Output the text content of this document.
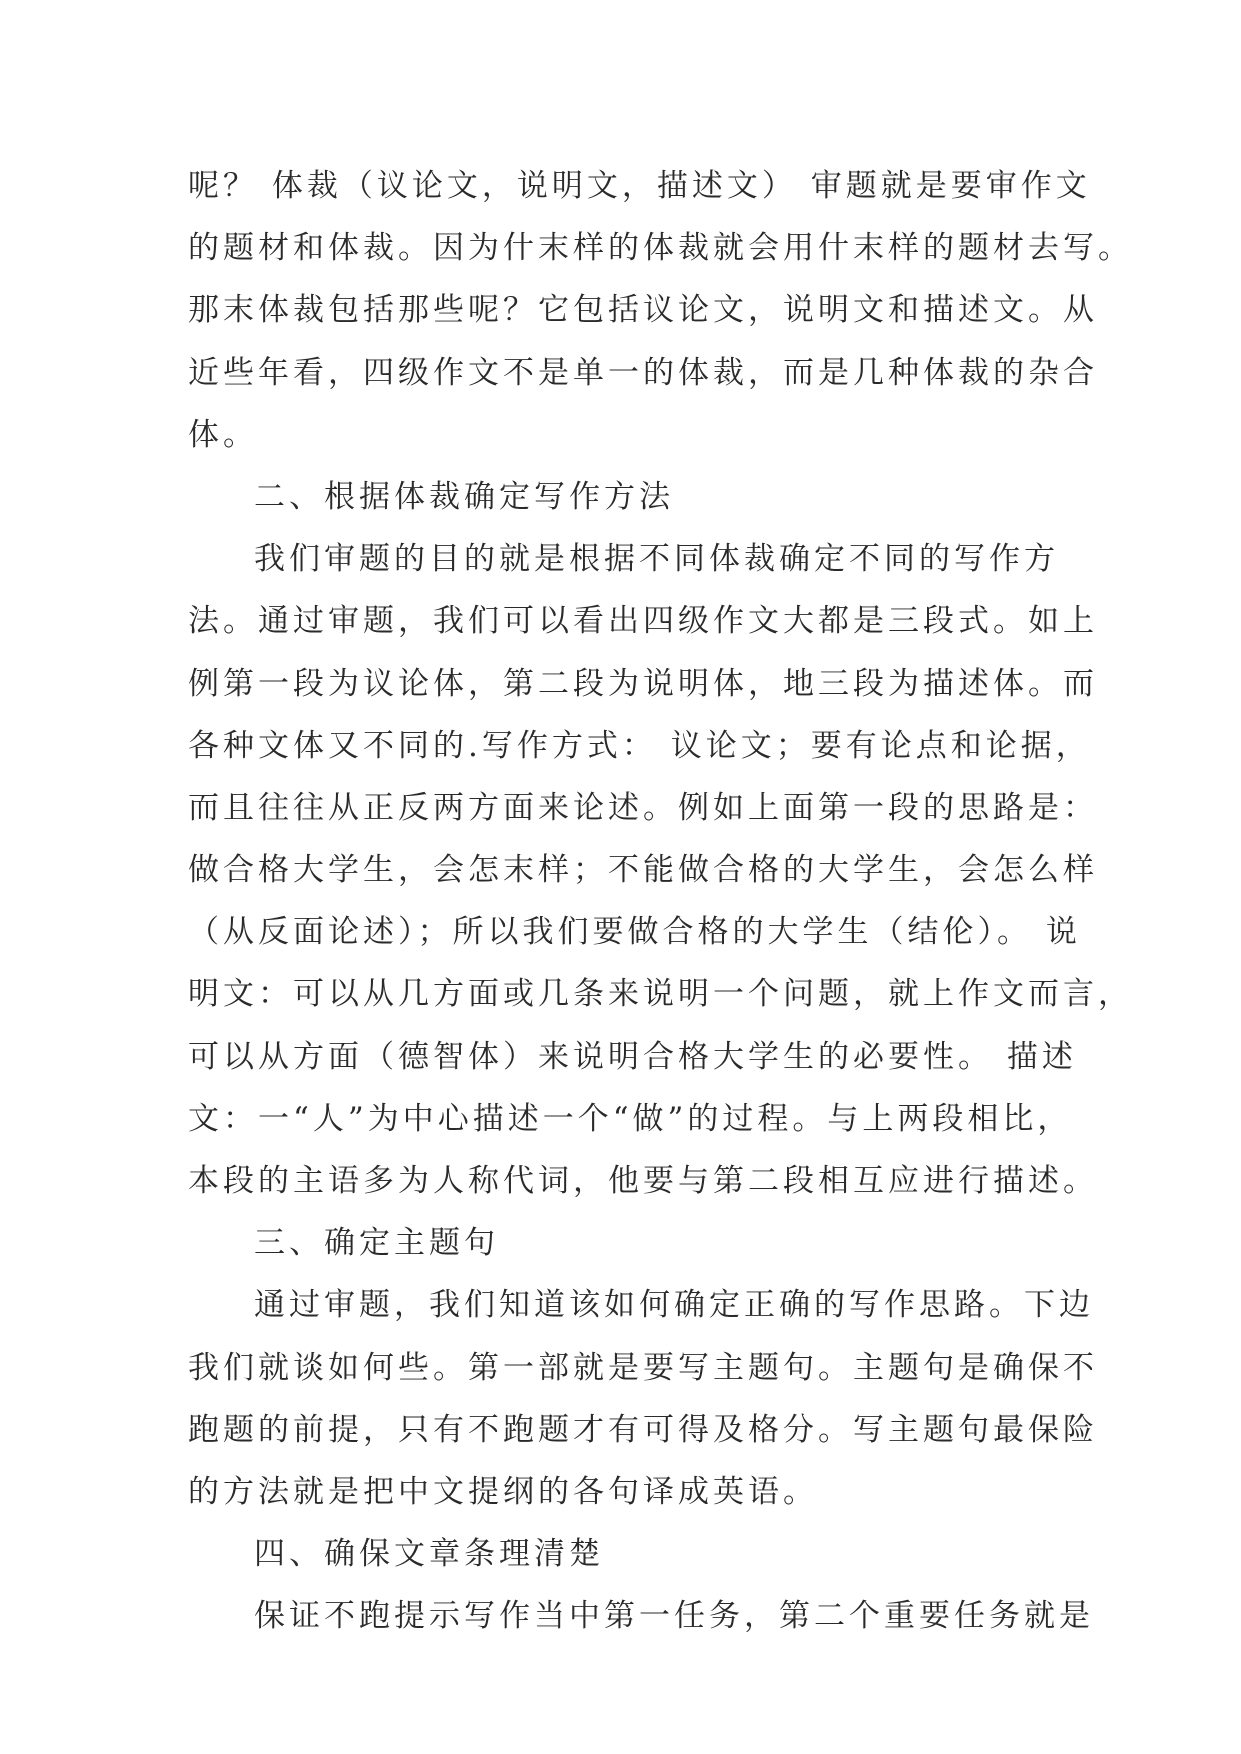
呢？ 体裁（议论文，说明文，描述文） 审题就是要审作文
的题材和体裁。因为什末样的体裁就会用什末样的题材去写。
那末体裁包括那些呢？它包括议论文，说明文和描述文。从
近些年看，四级作文不是单一的体裁，而是几种体裁的杂合
体。
二、根据体裁确定写作方法
我们审题的目的就是根据不同体裁确定不同的写作方
法。通过审题，我们可以看出四级作文大都是三段式。如上
例第一段为议论体，第二段为说明体，地三段为描述体。而
各种文体又不同的.写作方式： 议论文；要有论点和论据，
而且往往从正反两方面来论述。例如上面第一段的思路是：
做合格大学生，会怎末样；不能做合格的大学生，会怎么样
（从反面论述）；所以我们要做合格的大学生（结伦）。 说
明文：可以从几方面或几条来说明一个问题，就上作文而言，
可以从方面（德智体）来说明合格大学生的必要性。 描述
文：一“人”为中心描述一个“做”的过程。与上两段相比，
本段的主语多为人称代词，他要与第二段相互应进行描述。
三、确定主题句
通过审题，我们知道该如何确定正确的写作思路。下边
我们就谈如何些。第一部就是要写主题句。主题句是确保不
跑题的前提，只有不跑题才有可得及格分。写主题句最保险
的方法就是把中文提纲的各句译成英语。
四、确保文章条理清楚
保证不跑提示写作当中第一任务，第二个重要任务就是
